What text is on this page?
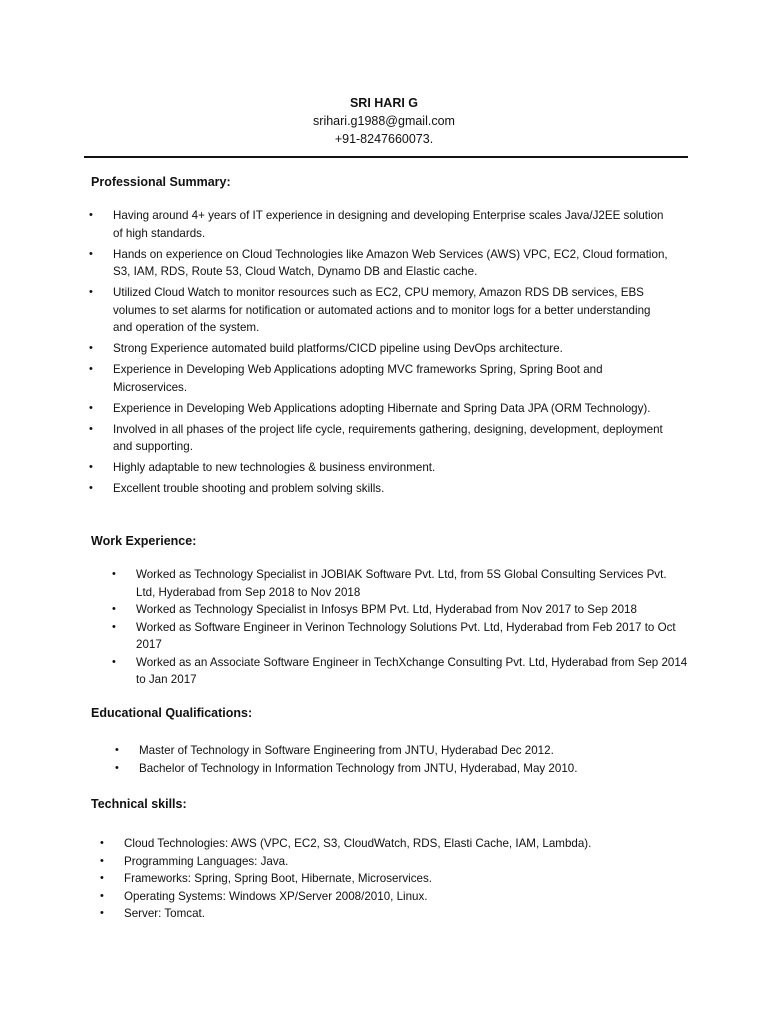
SRI HARI G
srihari.g1988@gmail.com
+91-8247660073.
Professional Summary:
• Having around 4+ years of IT experience in designing and developing Enterprise scales Java/J2EE solution of high standards.
• Hands on experience on Cloud Technologies like Amazon Web Services (AWS) VPC, EC2, Cloud formation, S3, IAM, RDS, Route 53, Cloud Watch, Dynamo DB and Elastic cache.
• Utilized Cloud Watch to monitor resources such as EC2, CPU memory, Amazon RDS DB services, EBS volumes to set alarms for notification or automated actions and to monitor logs for a better understanding and operation of the system.
• Strong Experience automated build platforms/CICD pipeline using DevOps architecture.
• Experience in Developing Web Applications adopting MVC frameworks Spring, Spring Boot and Microservices.
• Experience in Developing Web Applications adopting Hibernate and Spring Data JPA (ORM Technology).
• Involved in all phases of the project life cycle, requirements gathering, designing, development, deployment and supporting.
• Highly adaptable to new technologies & business environment.
• Excellent trouble shooting and problem solving skills.
Work Experience:
• Worked as Technology Specialist in JOBIAK Software Pvt. Ltd, from 5S Global Consulting Services Pvt. Ltd, Hyderabad from Sep 2018 to Nov 2018
• Worked as Technology Specialist in Infosys BPM Pvt. Ltd, Hyderabad from Nov 2017 to Sep 2018
• Worked as Software Engineer in Verinon Technology Solutions Pvt. Ltd, Hyderabad from Feb 2017 to Oct 2017
• Worked as an Associate Software Engineer in TechXchange Consulting Pvt. Ltd, Hyderabad from Sep 2014 to Jan 2017
Educational Qualifications:
• Master of Technology in Software Engineering from JNTU, Hyderabad Dec 2012.
• Bachelor of Technology in Information Technology from JNTU, Hyderabad, May 2010.
Technical skills:
• Cloud Technologies: AWS (VPC, EC2, S3, CloudWatch, RDS, Elasti Cache, IAM, Lambda).
• Programming Languages: Java.
• Frameworks: Spring, Spring Boot, Hibernate, Microservices.
• Operating Systems: Windows XP/Server 2008/2010, Linux.
• Server: Tomcat.
